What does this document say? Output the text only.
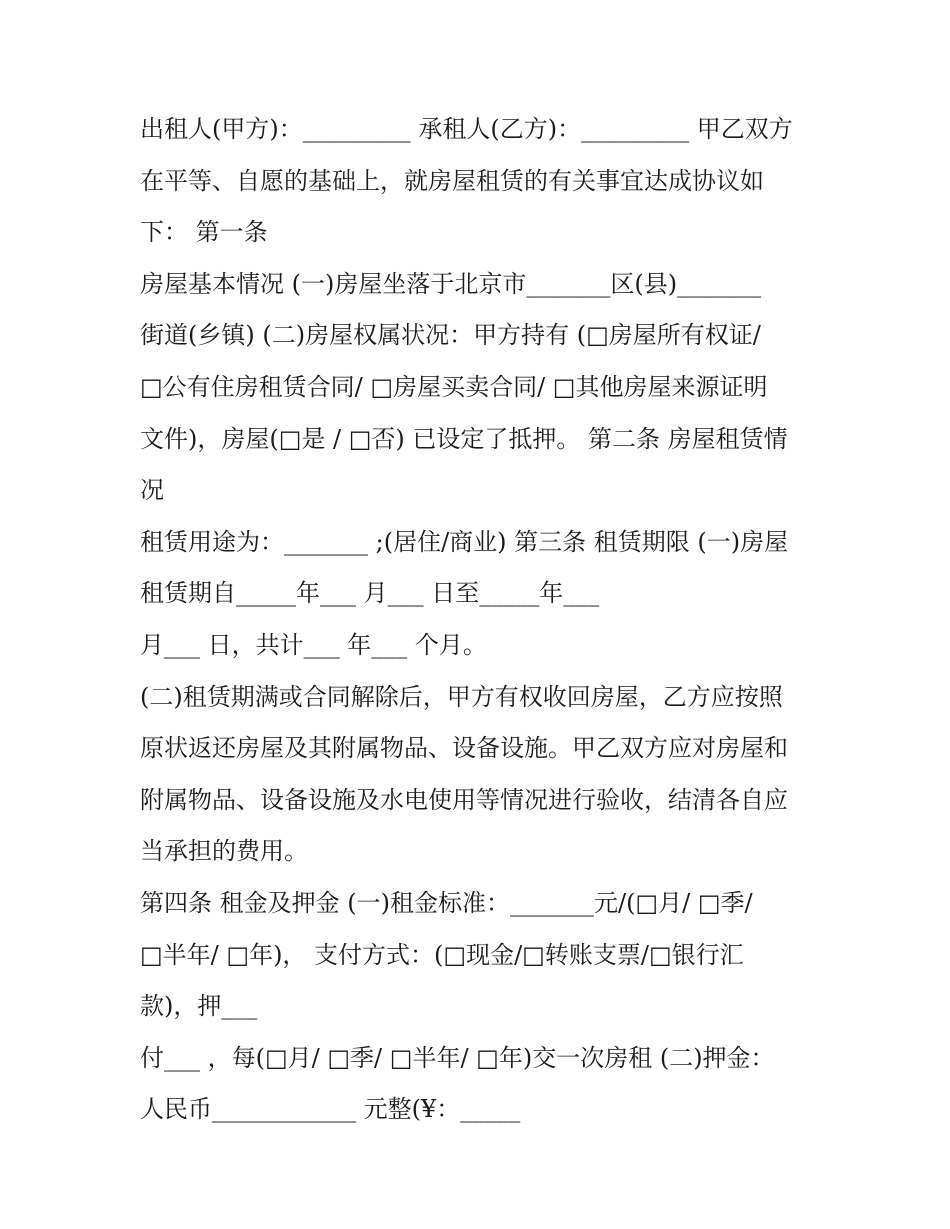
出租人(甲方)：_________ 承租人(乙方)：_________ 甲乙双方
在平等、自愿的基础上，就房屋租赁的有关事宜达成协议如
下： 第一条
房屋基本情况 (一)房屋坐落于北京市_______区(县)_______
街道(乡镇) (二)房屋权属状况：甲方持有 (□房屋所有权证/
□公有住房租赁合同/ □房屋买卖合同/ □其他房屋来源证明
文件)，房屋(□是 / □否) 已设定了抵押。 第二条 房屋租赁情
况
租赁用途为：_______ ;(居住/商业) 第三条 租赁期限 (一)房屋
租赁期自_____年___ 月___ 日至_____年___
月___ 日，共计___ 年___ 个月。
(二)租赁期满或合同解除后，甲方有权收回房屋，乙方应按照
原状返还房屋及其附属物品、设备设施。甲乙双方应对房屋和
附属物品、设备设施及水电使用等情况进行验收，结清各自应
当承担的费用。
第四条 租金及押金 (一)租金标准：_______元/(□月/ □季/
□半年/ □年)， 支付方式：(□现金/□转账支票/□银行汇
款)，押___
付___ ，每(□月/ □季/ □半年/ □年)交一次房租 (二)押金：
人民币____________ 元整(¥：_____
